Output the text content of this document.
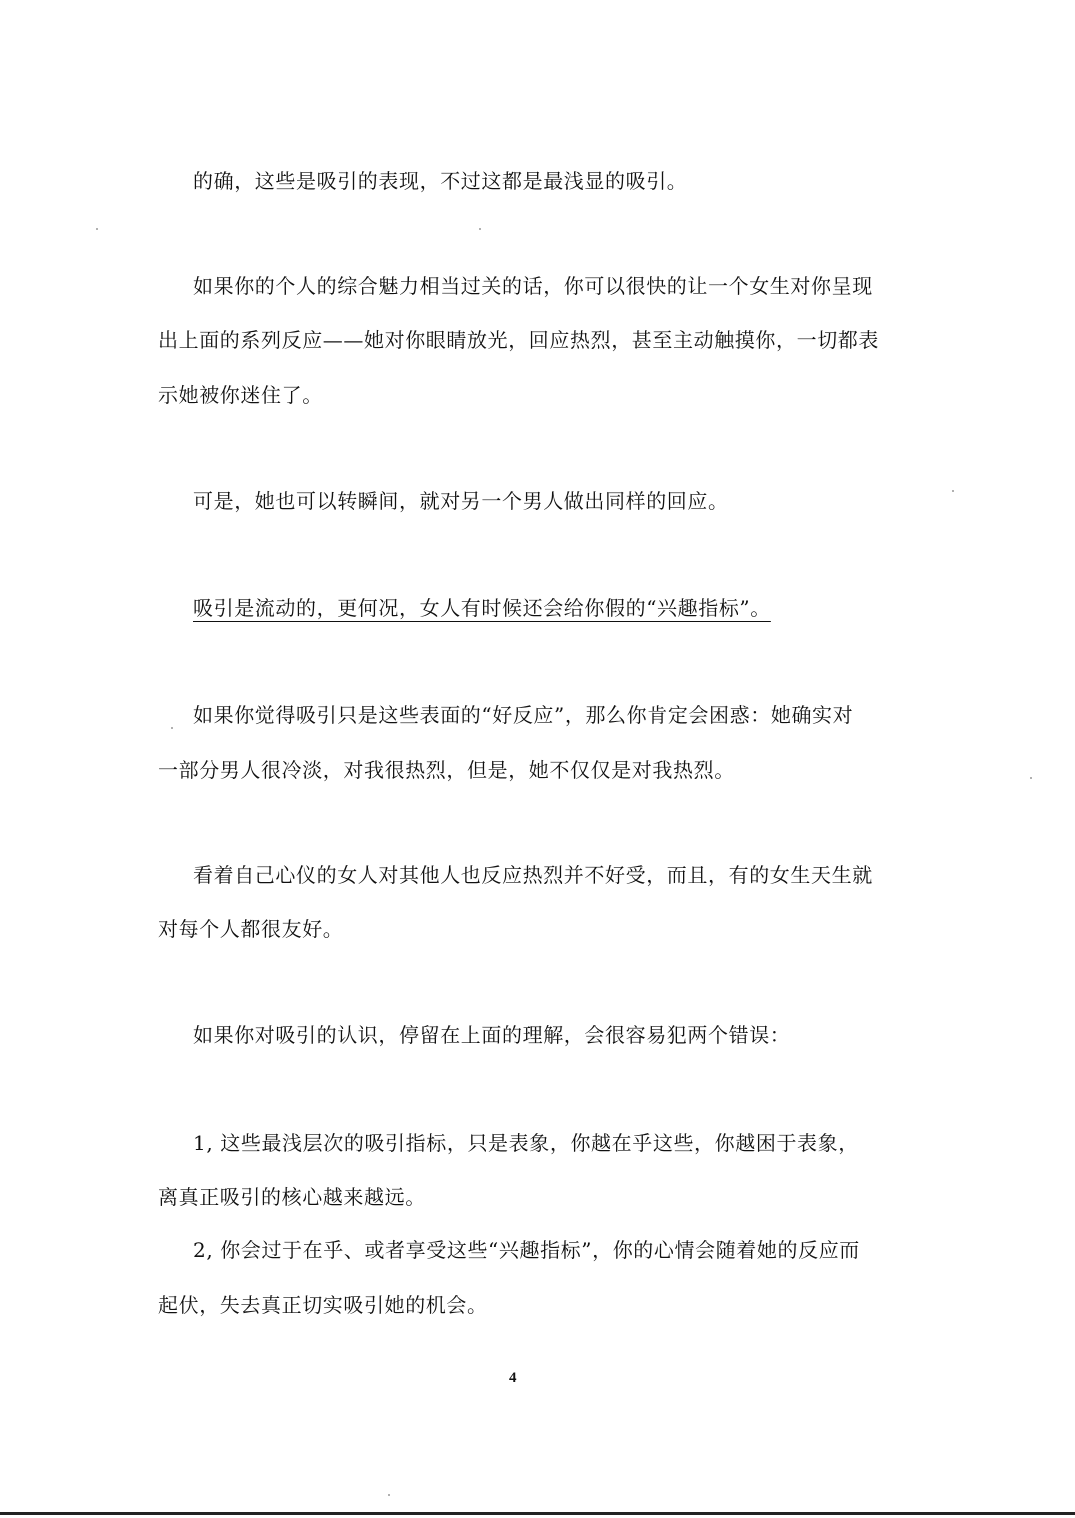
的确，这些是吸引的表现，不过这都是最浅显的吸引。
如果你的个人的综合魅力相当过关的话，你可以很快的让一个女生对你呈现
出上面的系列反应——她对你眼睛放光，回应热烈，甚至主动触摸你，一切都表
示她被你迷住了。
可是，她也可以转瞬间，就对另一个男人做出同样的回应。
吸引是流动的，更何况，女人有时候还会给你假的“兴趣指标”。
如果你觉得吸引只是这些表面的“好反应”，那么你肯定会困惑：她确实对
一部分男人很冷淡，对我很热烈，但是，她不仅仅是对我热烈。
看着自己心仪的女人对其他人也反应热烈并不好受，而且，有的女生天生就
对每个人都很友好。
如果你对吸引的认识，停留在上面的理解，会很容易犯两个错误：
1, 这些最浅层次的吸引指标，只是表象，你越在乎这些，你越困于表象，
离真正吸引的核心越来越远。
2, 你会过于在乎、或者享受这些“兴趣指标”，你的心情会随着她的反应而
起伏，失去真正切实吸引她的机会。
4
